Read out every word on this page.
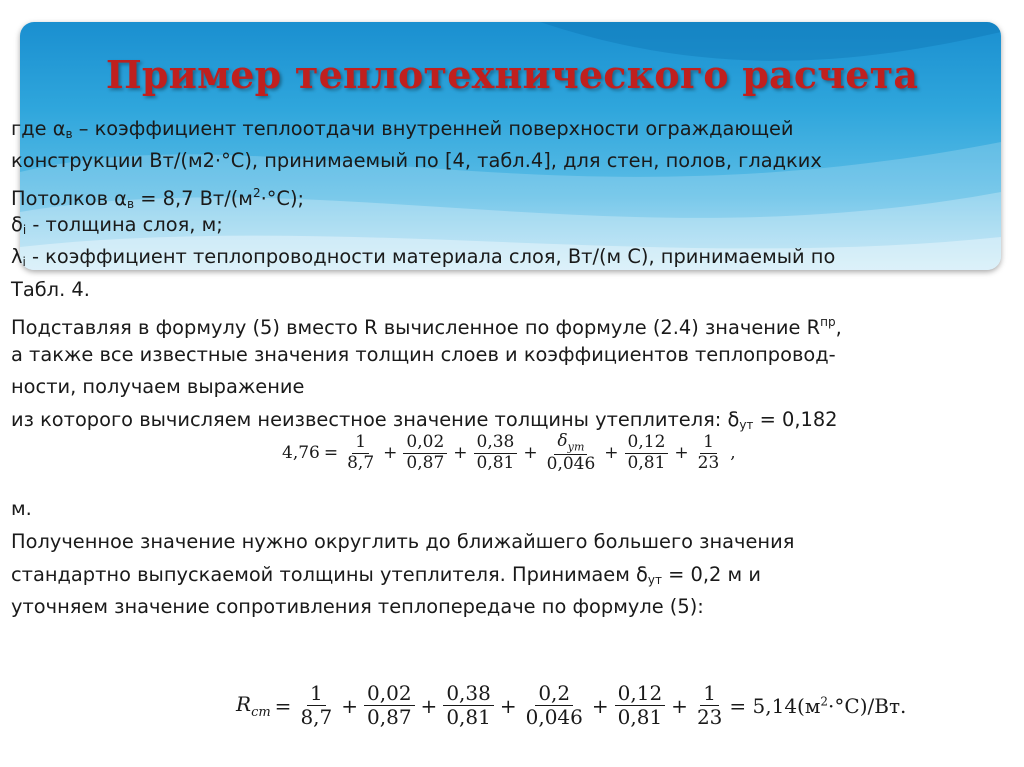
Пример теплотехнического расчета

где $\alpha_в$ – коэффициент теплоотдачи внутренней поверхности ограждающей

конструкции Вт/(м2·°С), принимаемый по [4, табл.4], для стен, полов, гладких

Потолков $\alpha_в = 8,7$ $Вт/(м^2\cdot^\circ С)$;

$\delta_i$ - толщина слоя, м;

$\lambda_i$ - коэффициент теплопроводности материала слоя, Вт/(м С), принимаемый по

Табл. 4.

Подставляя в формулу (5) вместо R вычисленное по формуле (2.4) значение $R^{пр}$,

а также все известные значения толщин слоев и коэффициентов теплопровод-

ности, получаем выражение

из которого вычисляем неизвестное значение толщины утеплителя: $\delta_{ут} = 0,182$

м.

Полученное значение нужно округлить до ближайшего большего значения

стандартно выпускаемой толщины утеплителя. Принимаем $\delta_{ут} = 0,2$ м и

уточняем значение сопротивления теплопередаче по формуле (5):

$4,76 = \frac{1}{8,7} + \frac{0,02}{0,87} + \frac{0,38}{0,81}$ +
$\delta_{ут}$
0,046
+ $\frac{0,12}{0,81} + \frac{1}{23}$ ,
$R_{ст} = \frac{1}{8,7} + \frac{0,02}{0,87} + \frac{0,38}{0,81} + \frac{0,2}{0,046} + \frac{0,12}{0,81} + \frac{1}{23} = 5,14$ $(м^2\cdot^\circ С)/Вт$.
